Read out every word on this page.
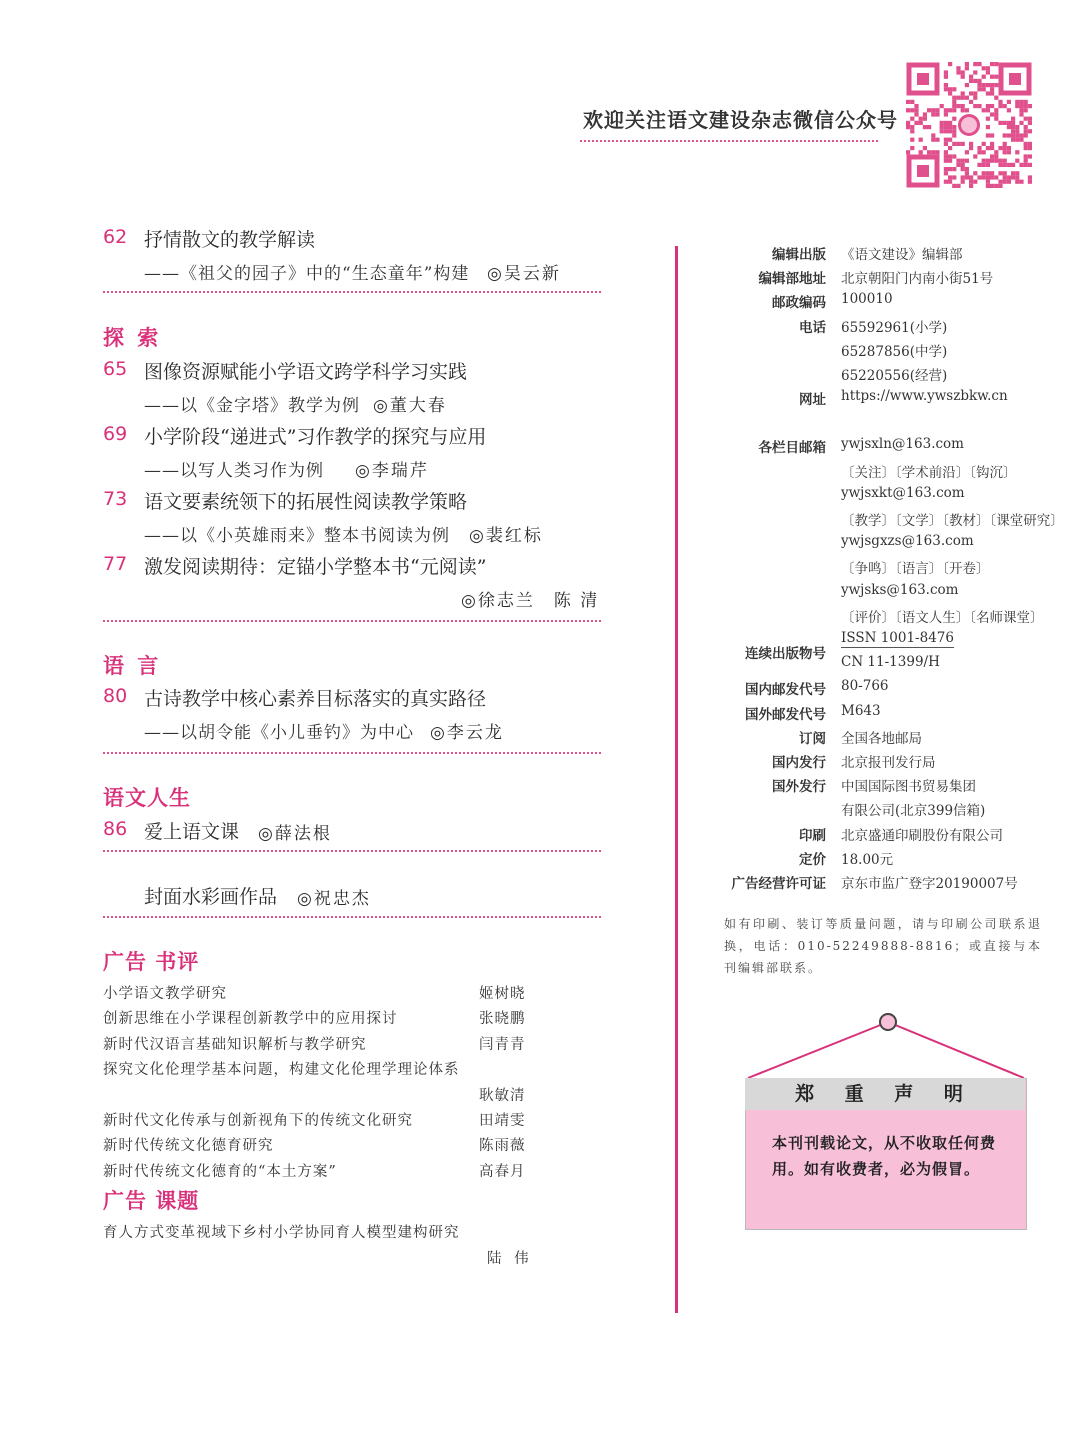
欢迎关注语文建设杂志微信公众号
62 抒情散文的教学解读
——《祖父的园子》中的“生态童年”构建 ◎吴云新
探 索
65 图像资源赋能小学语文跨学科学习实践
——以《金字塔》教学为例 ◎董大春
69 小学阶段“递进式”习作教学的探究与应用
——以写人类习作为例 ◎李瑞芹
73 语文要素统领下的拓展性阅读教学策略
——以《小英雄雨来》整本书阅读为例 ◎裴红标
77 激发阅读期待：定锚小学整本书“元阅读”
◎徐志兰　陈 清
语 言
80 古诗教学中核心素养目标落实的真实路径
——以胡令能《小儿垂钓》为中心 ◎李云龙
语文人生
86 爱上语文课 ◎薛法根
封面水彩画作品 ◎祝忠杰
广告 书评
小学语文教学研究	姬树晓
创新思维在小学课程创新教学中的应用探讨	张晓鹏
新时代汉语言基础知识解析与教学研究	闫青青
探究文化伦理学基本问题，构建文化伦理学理论体系
耿敏清
新时代文化传承与创新视角下的传统文化研究	田靖雯
新时代传统文化德育研究	陈雨薇
新时代传统文化德育的“本土方案”	高春月
广告 课题
育人方式变革视域下乡村小学协同育人模型建构研究
陆 伟
编辑出版 《语文建设》编辑部
编辑部地址 北京朝阳门内南小街51号
邮政编码 100010
电话 65592961(小学)
65287856(中学)
65220556(经营)
网址 https://www.ywszbkw.cn
各栏目邮箱 ywjsxln@163.com
〔关注〕〔学术前沿〕〔钩沉〕
ywjsxkt@163.com
〔教学〕〔文学〕〔教材〕〔课堂研究〕
ywjsgxzs@163.com
〔争鸣〕〔语言〕〔开卷〕
ywjsks@163.com
〔评价〕〔语文人生〕〔名师课堂〕
连续出版物号
ISSN 1001-8476
CN 11-1399/H
国内邮发代号 80-766
国外邮发代号 M643
订阅 全国各地邮局
国内发行 北京报刊发行局
国外发行 中国国际图书贸易集团
有限公司(北京399信箱)
印刷 北京盛通印刷股份有限公司
定价 18.00元
广告经营许可证 京东市监广登字20190007号
如有印刷、装订等质量问题，请与印刷公司联系退换，电话：010-52249888-8816；或直接与本刊编辑部联系。
郑 重 声 明
本刊刊载论文，从不收取任何费用。如有收费者，必为假冒。
